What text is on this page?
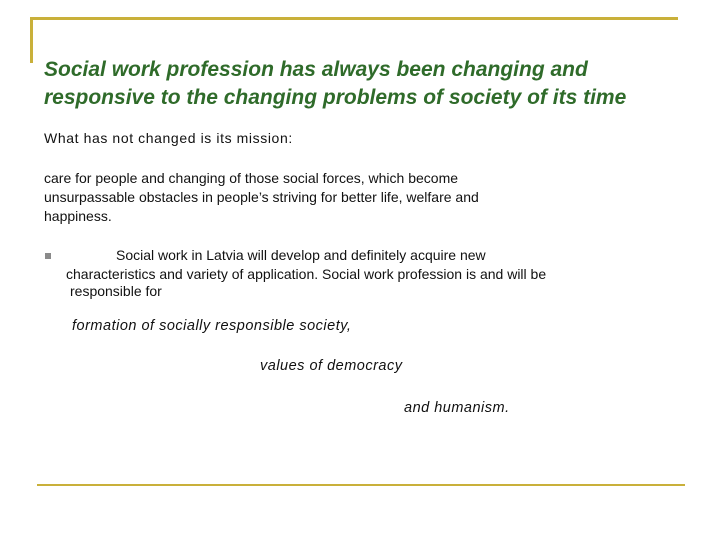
Social work profession has always been changing and responsive to the changing problems of society of its time

What has not changed is its mission:

care for people and changing of those social forces, which become
unsurpassable obstacles in people’s striving for better life, welfare and
happiness.

Social work in Latvia will develop and definitely acquire new
characteristics and variety of application. Social work profession is and will be

responsible for

formation of socially responsible society,

values of democracy

and humanism.
